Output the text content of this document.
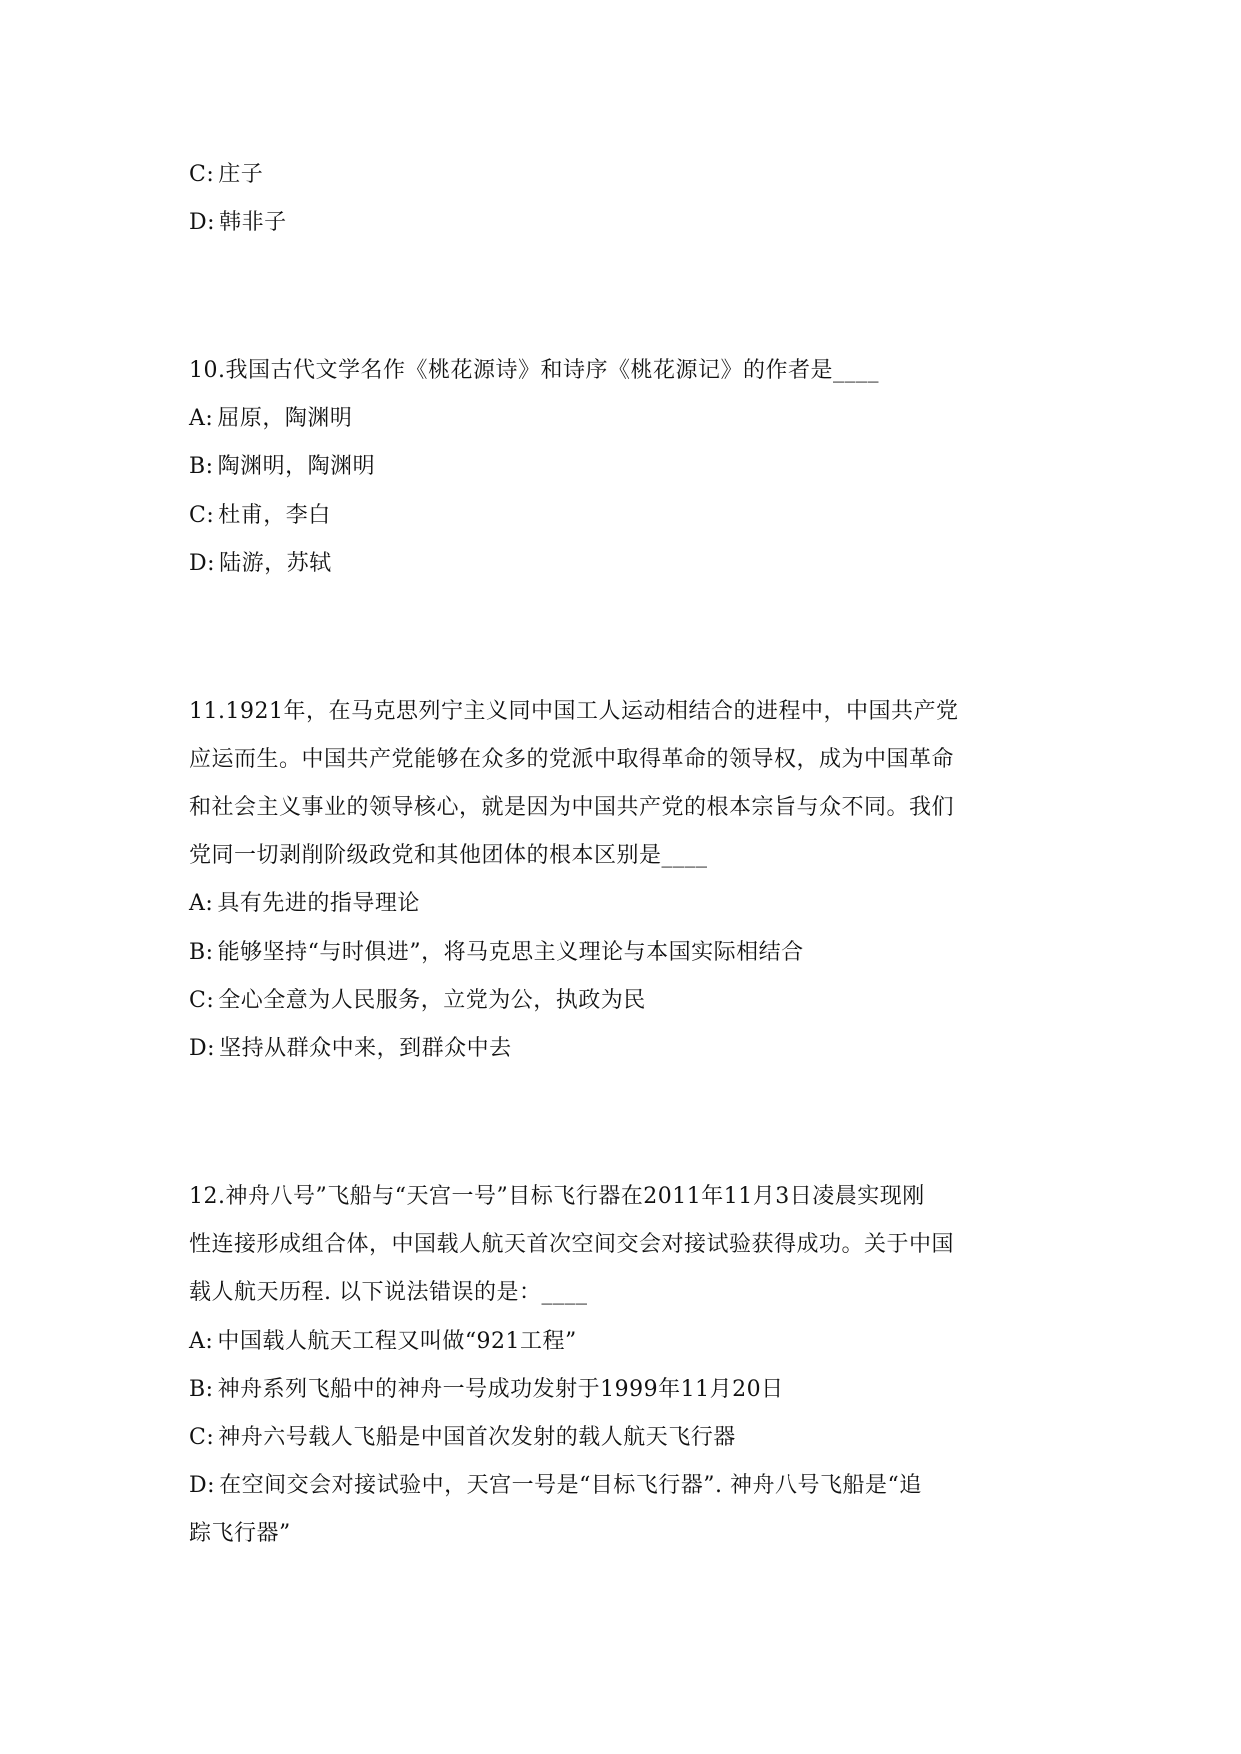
C: 庄子
D: 韩非子
10.我国古代文学名作《桃花源诗》和诗序《桃花源记》的作者是____
A: 屈原，陶渊明
B: 陶渊明，陶渊明
C: 杜甫，李白
D: 陆游，苏轼
11.1921年，在马克思列宁主义同中国工人运动相结合的进程中，中国共产党
应运而生。中国共产党能够在众多的党派中取得革命的领导权，成为中国革命
和社会主义事业的领导核心，就是因为中国共产党的根本宗旨与众不同。我们
党同一切剥削阶级政党和其他团体的根本区别是____
A: 具有先进的指导理论
B: 能够坚持“与时俱进”，将马克思主义理论与本国实际相结合
C: 全心全意为人民服务，立党为公，执政为民
D: 坚持从群众中来，到群众中去
12.神舟八号”飞船与“天宫一号”目标飞行器在2011年11月3日凌晨实现刚
性连接形成组合体，中国载人航天首次空间交会对接试验获得成功。关于中国
载人航天历程. 以下说法错误的是：____
A: 中国载人航天工程又叫做“921工程”
B: 神舟系列飞船中的神舟一号成功发射于1999年11月20日
C: 神舟六号载人飞船是中国首次发射的载人航天飞行器
D: 在空间交会对接试验中，天宫一号是“目标飞行器”. 神舟八号飞船是“追
踪飞行器”
